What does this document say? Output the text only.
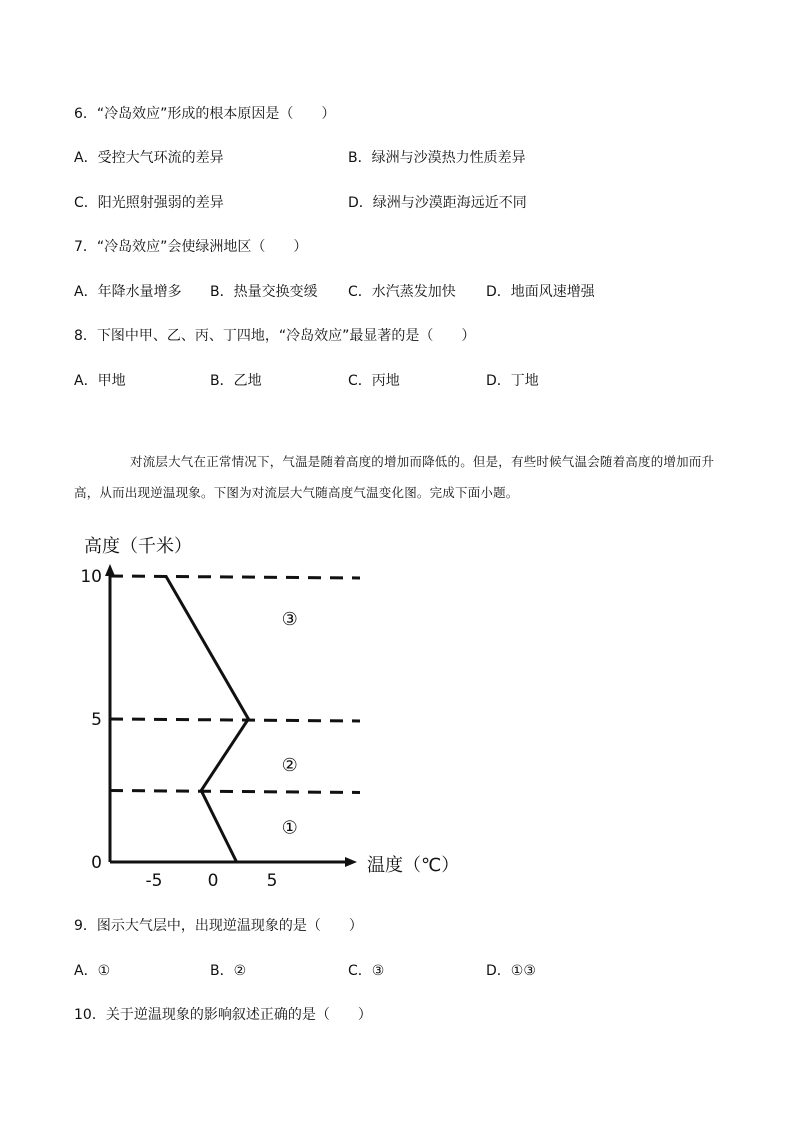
6．“冷岛效应”形成的根本原因是（　　）
A．受控大气环流的差异	B．绿洲与沙漠热力性质差异
C．阳光照射强弱的差异	D．绿洲与沙漠距海远近不同
7．“冷岛效应”会使绿洲地区（　　）
A．年降水量增多 B．热量交换变缓 C．水汽蒸发加快 D．地面风速增强
8．下图中甲、乙、丙、丁四地，“冷岛效应”最显著的是（　　）
A．甲地	B．乙地	C．丙地	D．丁地
对流层大气在正常情况下，气温是随着高度的增加而降低的。但是，有些时候气温会随着高度的增加而升高，从而出现逆温现象。下图为对流层大气随高度气温变化图。完成下面小题。
0
5
10
-5	0	5
高度（千米）
温度（℃）
①
②
③
9．图示大气层中，出现逆温现象的是（　　）
A．①	B．②	C．③	D．①③
10．关于逆温现象的影响叙述正确的是（　　）
